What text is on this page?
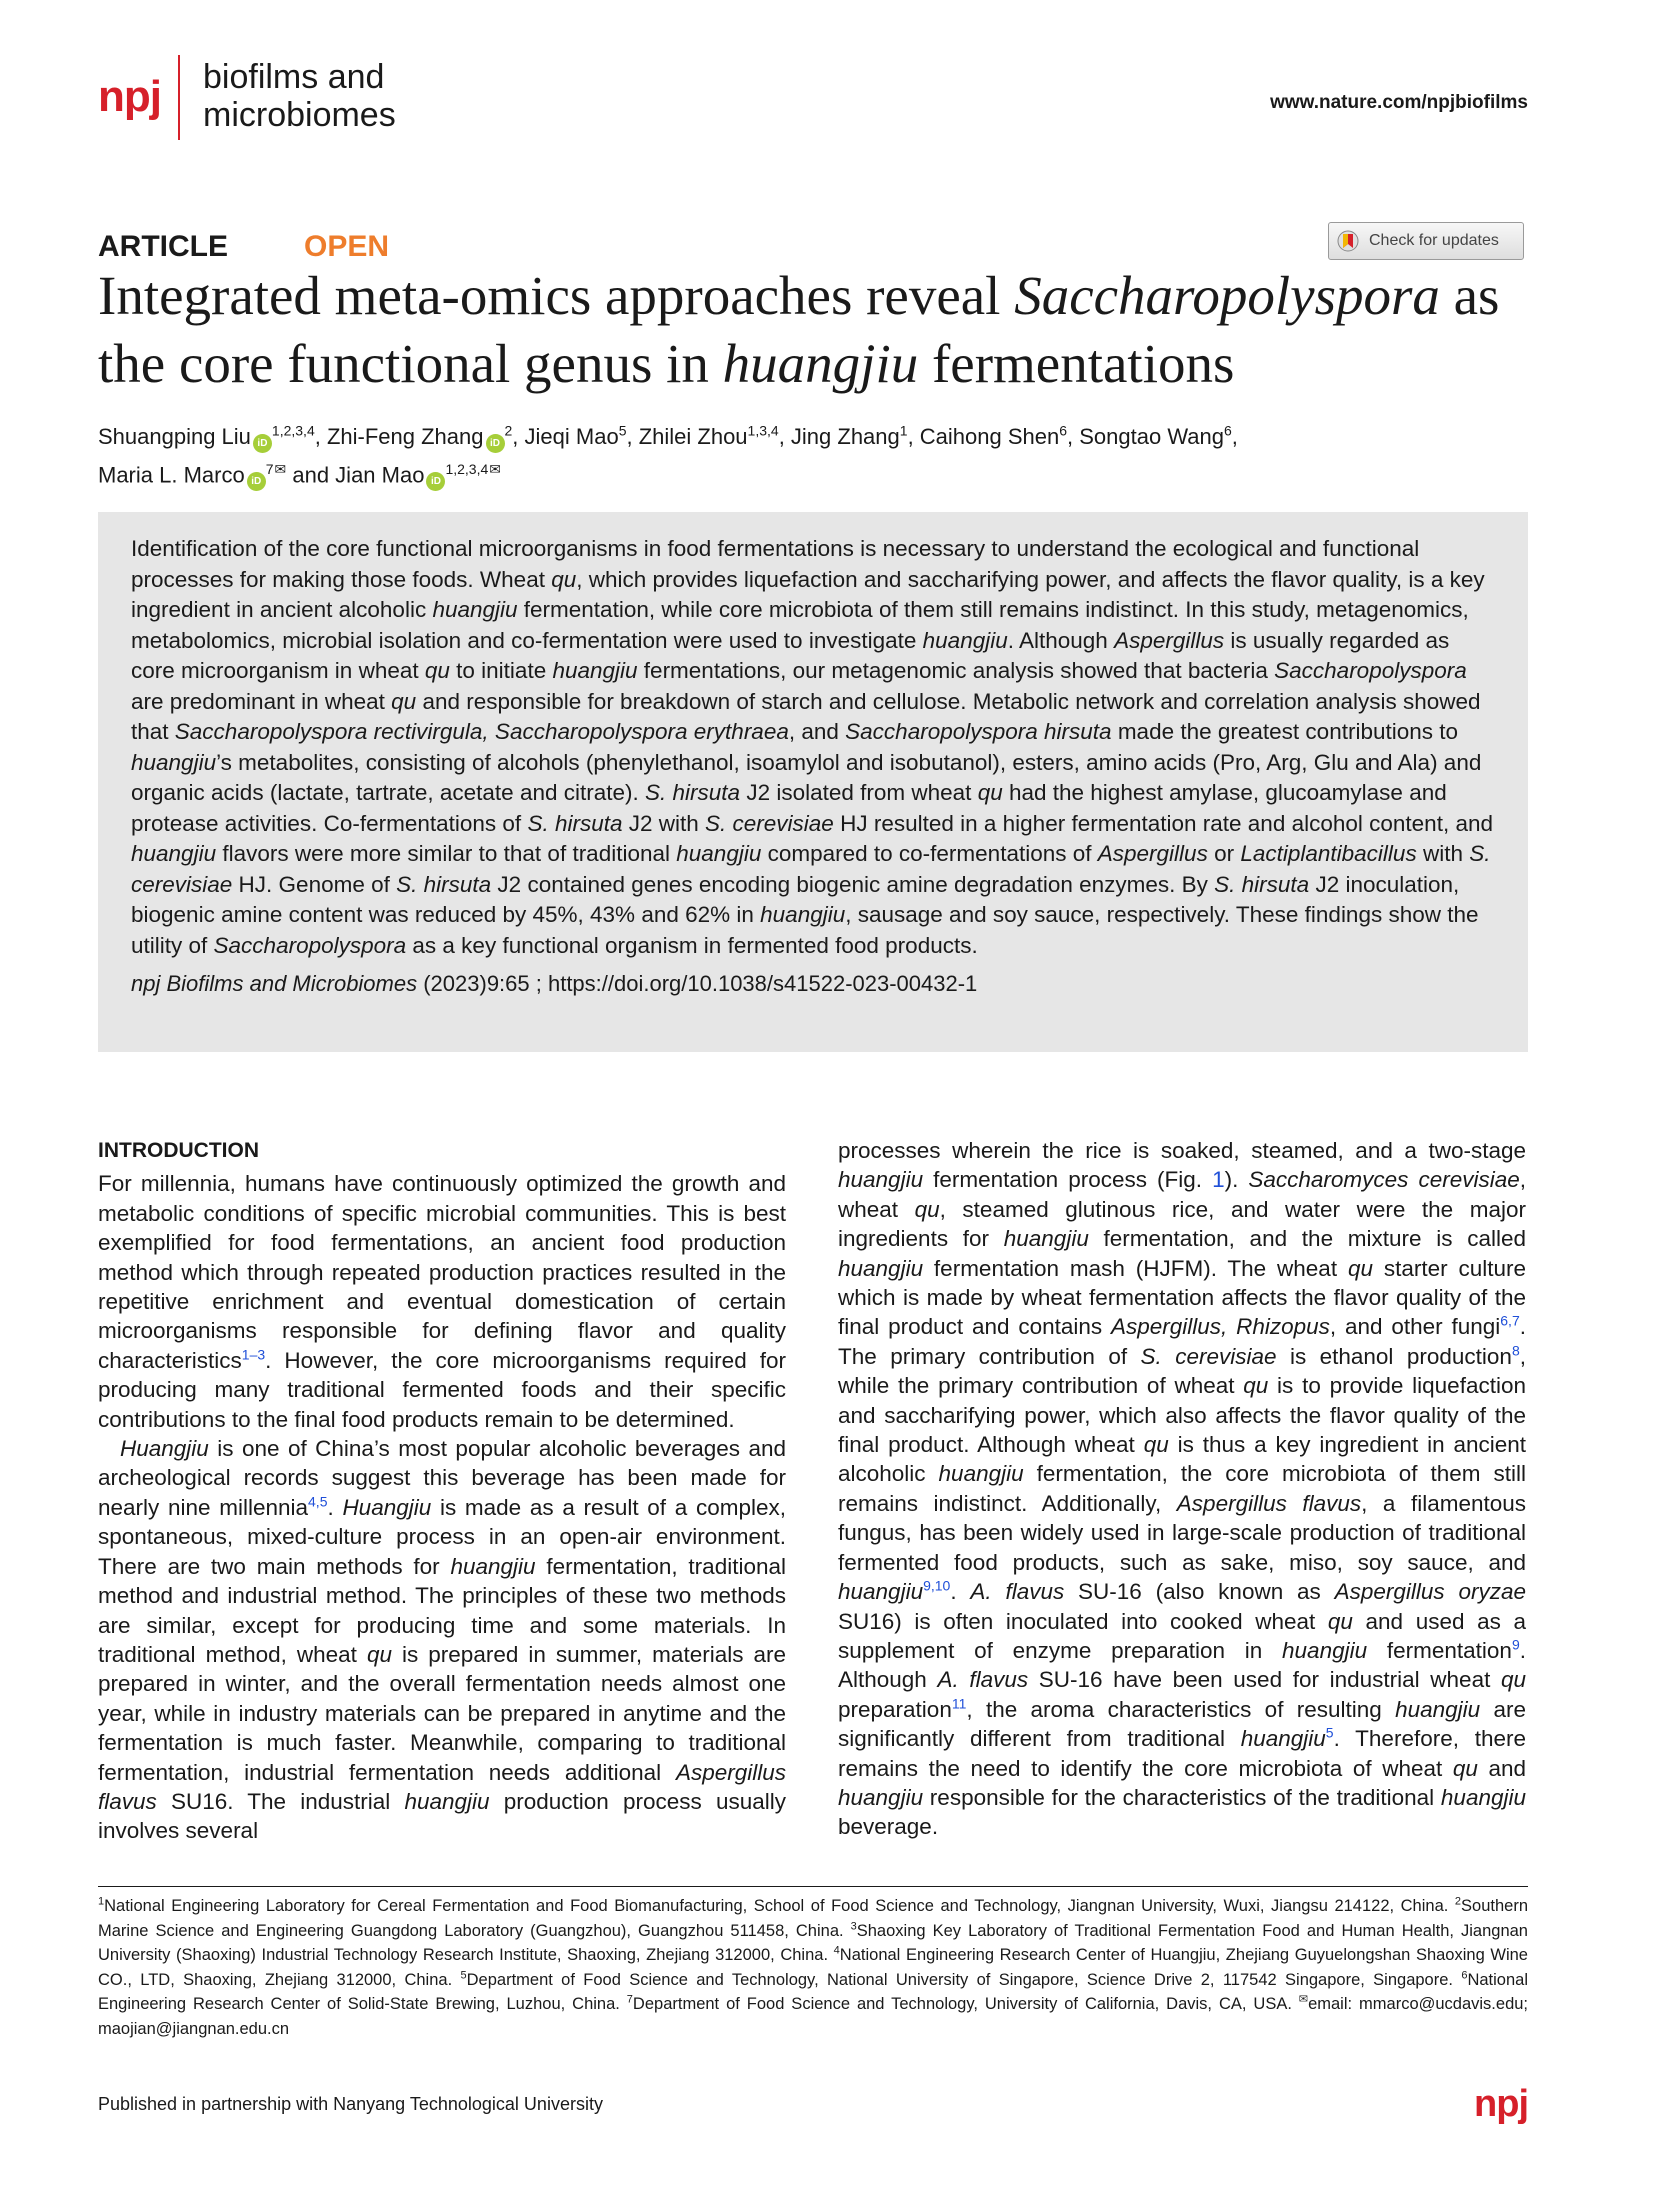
npj biofilms and
microbiomes	www.nature.com/npjbiofilms
ARTICLE	OPEN	Check for updates
Integrated meta-omics approaches reveal Saccharopolyspora as the core functional genus in huangjiu fermentations
Shuangping Liu iD$^{1,2,3,4}$, Zhi-Feng Zhang $iD^2$, Jieqi Mao$^5$, Zhilei Zhou$^{1,3,4}$, Jing Zhang$^1$, Caihong Shen$^6$, Songtao Wang$^6$,
Maria L. Marco $iD^{7✉}$ and Jian Mao $iD^{1,2,3,4✉}$

Identification of the core functional microorganisms in food fermentations is necessary to understand the ecological and functional processes for making those foods. Wheat qu, which provides liquefaction and saccharifying power, and affects the flavor quality, is a key ingredient in ancient alcoholic huangjiu fermentation, while core microbiota of them still remains indistinct. In this study, metagenomics, metabolomics, microbial isolation and co-fermentation were used to investigate huangjiu. Although Aspergillus is usually regarded as core microorganism in wheat qu to initiate huangjiu fermentations, our metagenomic analysis showed that bacteria Saccharopolyspora are predominant in wheat qu and responsible for breakdown of starch and cellulose. Metabolic network and correlation analysis showed that Saccharopolyspora rectivirgula, Saccharopolyspora erythraea, and Saccharopolyspora hirsuta made the greatest contributions to huangjiu’s metabolites, consisting of alcohols (phenylethanol, isoamylol and isobutanol), esters, amino acids (Pro, Arg, Glu and Ala) and organic acids (lactate, tartrate, acetate and citrate). S. hirsuta J2 isolated from wheat qu had the highest amylase, glucoamylase and protease activities. Co-fermentations of S. hirsuta J2 with S. cerevisiae HJ resulted in a higher fermentation rate and alcohol content, and huangjiu flavors were more similar to that of traditional huangjiu compared to co-fermentations of Aspergillus or Lactiplantibacillus with S. cerevisiae HJ. Genome of S. hirsuta J2 contained genes encoding biogenic amine degradation enzymes. By S. hirsuta J2 inoculation, biogenic amine content was reduced by 45%, 43% and 62% in huangjiu, sausage and soy sauce, respectively. These findings show the utility of Saccharopolyspora as a key functional organism in fermented food products.

npj Biofilms and Microbiomes (2023)9:65 ; https://doi.org/10.1038/s41522-023-00432-1
INTRODUCTION

For millennia, humans have continuously optimized the growth and metabolic conditions of specific microbial communities. This is best exemplified for food fermentations, an ancient food production method which through repeated production practices resulted in the repetitive enrichment and eventual domestication of certain microorganisms responsible for defining flavor and quality characteristics$^{1-3}$. However, the core microorganisms required for producing many traditional fermented foods and their specific contributions to the final food products remain to be determined.

Huangjiu is one of China’s most popular alcoholic beverages and archeological records suggest this beverage has been made for nearly nine millennia$^{4,5}$. Huangjiu is made as a result of a complex, spontaneous, mixed-culture process in an open-air environment. There are two main methods for huangjiu fermentation, traditional method and industrial method. The principles of these two methods are similar, except for producing time and some materials. In traditional method, wheat qu is prepared in summer, materials are prepared in winter, and the overall fermentation needs almost one year, while in industry materials can be prepared in anytime and the fermentation is much faster. Meanwhile, comparing to traditional fermentation, industrial fermentation needs additional Aspergillus flavus SU16. The industrial huangjiu production process usually involves several

processes wherein the rice is soaked, steamed, and a two-stage huangjiu fermentation process (Fig. 1). Saccharomyces cerevisiae, wheat qu, steamed glutinous rice, and water were the major ingredients for huangjiu fermentation, and the mixture is called huangjiu fermentation mash (HJFM). The wheat qu starter culture which is made by wheat fermentation affects the flavor quality of the final product and contains Aspergillus, Rhizopus, and other fungi$^{6,7}$. The primary contribution of S. cerevisiae is ethanol production$^8$, while the primary contribution of wheat qu is to provide liquefaction and saccharifying power, which also affects the flavor quality of the final product. Although wheat qu is thus a key ingredient in ancient alcoholic huangjiu fermentation, the core microbiota of them still remains indistinct. Additionally, Aspergillus flavus, a filamentous fungus, has been widely used in large-scale production of traditional fermented food products, such as sake, miso, soy sauce, and huangjiu$^{9,10}$. A. flavus SU-16 (also known as Aspergillus oryzae SU16) is often inoculated into cooked wheat qu and used as a supplement of enzyme preparation in huangjiu fermentation$^9$. Although A. flavus SU-16 have been used for industrial wheat qu preparation$^{11}$, the aroma characteristics of resulting huangjiu are significantly different from traditional huangjiu$^5$. Therefore, there remains the need to identify the core microbiota of wheat qu and huangjiu responsible for the characteristics of the traditional huangjiu beverage.

$^1$National Engineering Laboratory for Cereal Fermentation and Food Biomanufacturing, School of Food Science and Technology, Jiangnan University, Wuxi, Jiangsu 214122, China. $^2$Southern Marine Science and Engineering Guangdong Laboratory (Guangzhou), Guangzhou 511458, China. $^3$Shaoxing Key Laboratory of Traditional Fermentation Food and Human Health, Jiangnan University (Shaoxing) Industrial Technology Research Institute, Shaoxing, Zhejiang 312000, China. $^4$National Engineering Research Center of Huangjiu, Zhejiang Guyuelongshan Shaoxing Wine CO., LTD, Shaoxing, Zhejiang 312000, China. $^5$Department of Food Science and Technology, National University of Singapore, Science Drive 2, 117542 Singapore, Singapore. $^6$National Engineering Research Center of Solid-State Brewing, Luzhou, China. $^7$Department of Food Science and Technology, University of California, Davis, CA, USA. ✉email: mmarco@ucdavis.edu; maojian@jiangnan.edu.cn
Published in partnership with Nanyang Technological University	npj
